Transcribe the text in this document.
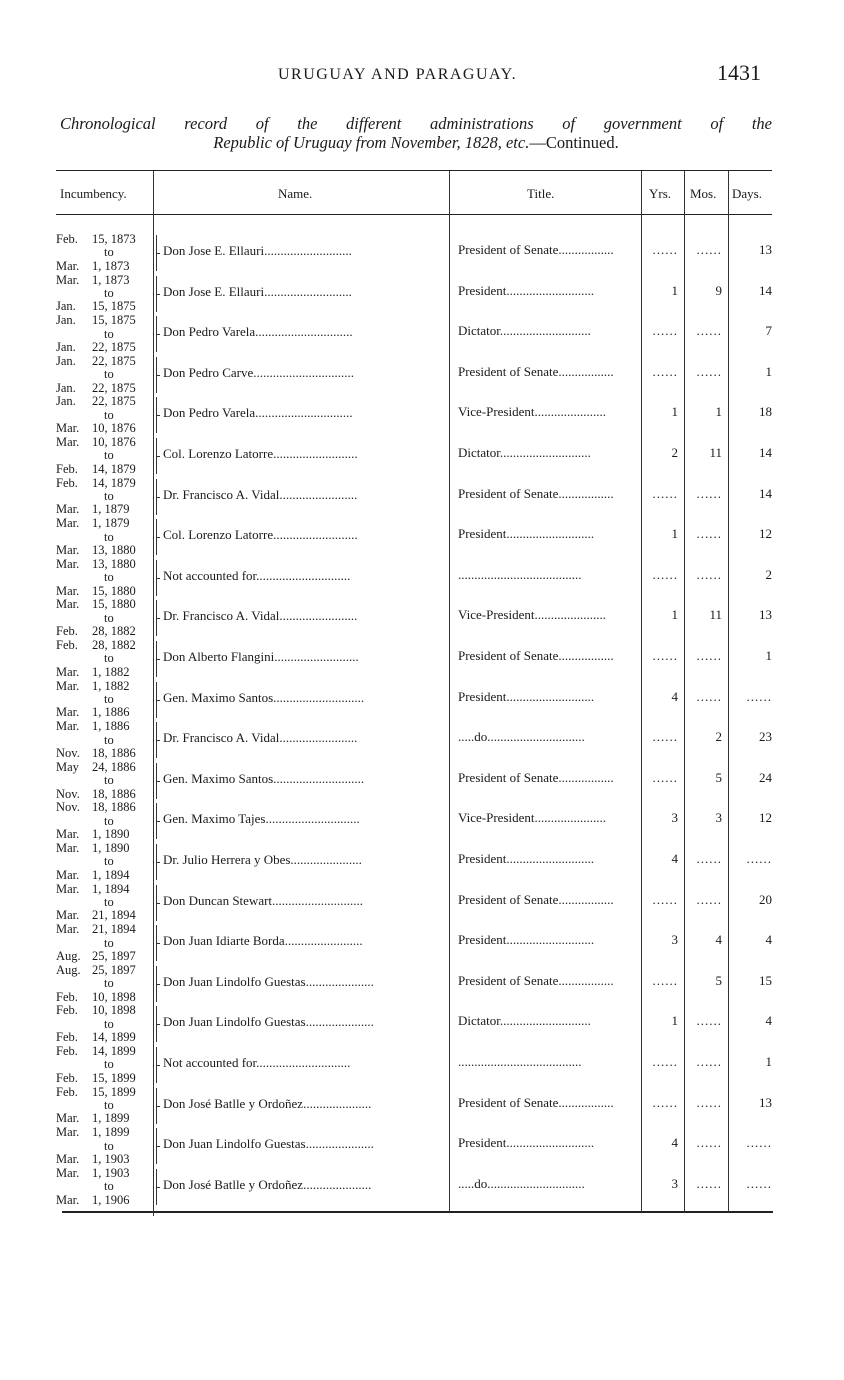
URUGUAY AND PARAGUAY.	1431
Chronological record of the different administrations of government of the
Republic of Uruguay from November, 1828, etc.—Continued.
Incumbency.	Name.	Title.	Yrs. Mos. Days.
Feb.	15, 1873
to
Mar.	1, 1873
Don Jose E. Ellauri...........................	President of Senate.................	......	......	13
Mar.	1, 1873
to
Jan.	15, 1875
Don Jose E. Ellauri...........................	President...........................	1	9	14
Jan.	15, 1875
to
Jan.	22, 1875
Don Pedro Varela..............................	Dictator............................	......	......	7
Jan.	22, 1875
to
Jan.	22, 1875
Don Pedro Carve...............................	President of Senate.................	......	......	1
Jan.	22, 1875
to
Mar.	10, 1876
Don Pedro Varela..............................	Vice-President......................	1	1	18
Mar.	10, 1876
to
Feb.	14, 1879
Col. Lorenzo Latorre..........................	Dictator............................	2	11	14
Feb.	14, 1879
to
Mar.	1, 1879
Dr. Francisco A. Vidal........................	President of Senate.................	......	......	14
Mar.	1, 1879
to
Mar.	13, 1880
Col. Lorenzo Latorre..........................	President...........................	1	......	12
Mar.	13, 1880
to
Mar.	15, 1880
Not accounted for.............................	......................................	......	......	2
Mar.	15, 1880
to
Feb.	28, 1882
Dr. Francisco A. Vidal........................	Vice-President......................	1	11	13
Feb.	28, 1882
to
Mar.	1, 1882
Don Alberto Flangini..........................	President of Senate.................	......	......	1
Mar.	1, 1882
to
Mar.	1, 1886
Gen. Maximo Santos............................	President...........................	4	......	......
Mar.	1, 1886
to
Nov. 18, 1886
Dr. Francisco A. Vidal........................	.....do..............................	......	2	23
May	24, 1886
to
Nov. 18, 1886
Gen. Maximo Santos............................	President of Senate.................	......	5	24
Nov. 18, 1886
to
Mar.	1, 1890
Gen. Maximo Tajes.............................	Vice-President......................	3	3	12
Mar.	1, 1890
to
Mar.	1, 1894
Dr. Julio Herrera y Obes......................	President...........................	4	......	......
Mar.	1, 1894
to
Mar.	21, 1894
Don Duncan Stewart............................	President of Senate.................	......	......	20
Mar.	21, 1894
to
Aug. 25, 1897
Don Juan Idiarte Borda........................	President...........................	3	4	4
Aug. 25, 1897
to
Feb.	10, 1898
Don Juan Lindolfo Guestas.....................	President of Senate.................	......	5	15
Feb.	10, 1898
to
Feb.	14, 1899
Don Juan Lindolfo Guestas.....................	Dictator............................	1	......	4
Feb.	14, 1899
to
Feb.	15, 1899
Not accounted for.............................	......................................	......	......	1
Feb.	15, 1899
to
Mar.	1, 1899
Don José Batlle y Ordoñez.....................	President of Senate.................	......	......	13
Mar.	1, 1899
to
Mar.	1, 1903
Don Juan Lindolfo Guestas.....................	President...........................	4	......	......
Mar.	1, 1903
to
Mar.	1, 1906
Don José Batlle y Ordoñez.....................	.....do..............................	3	......	......
